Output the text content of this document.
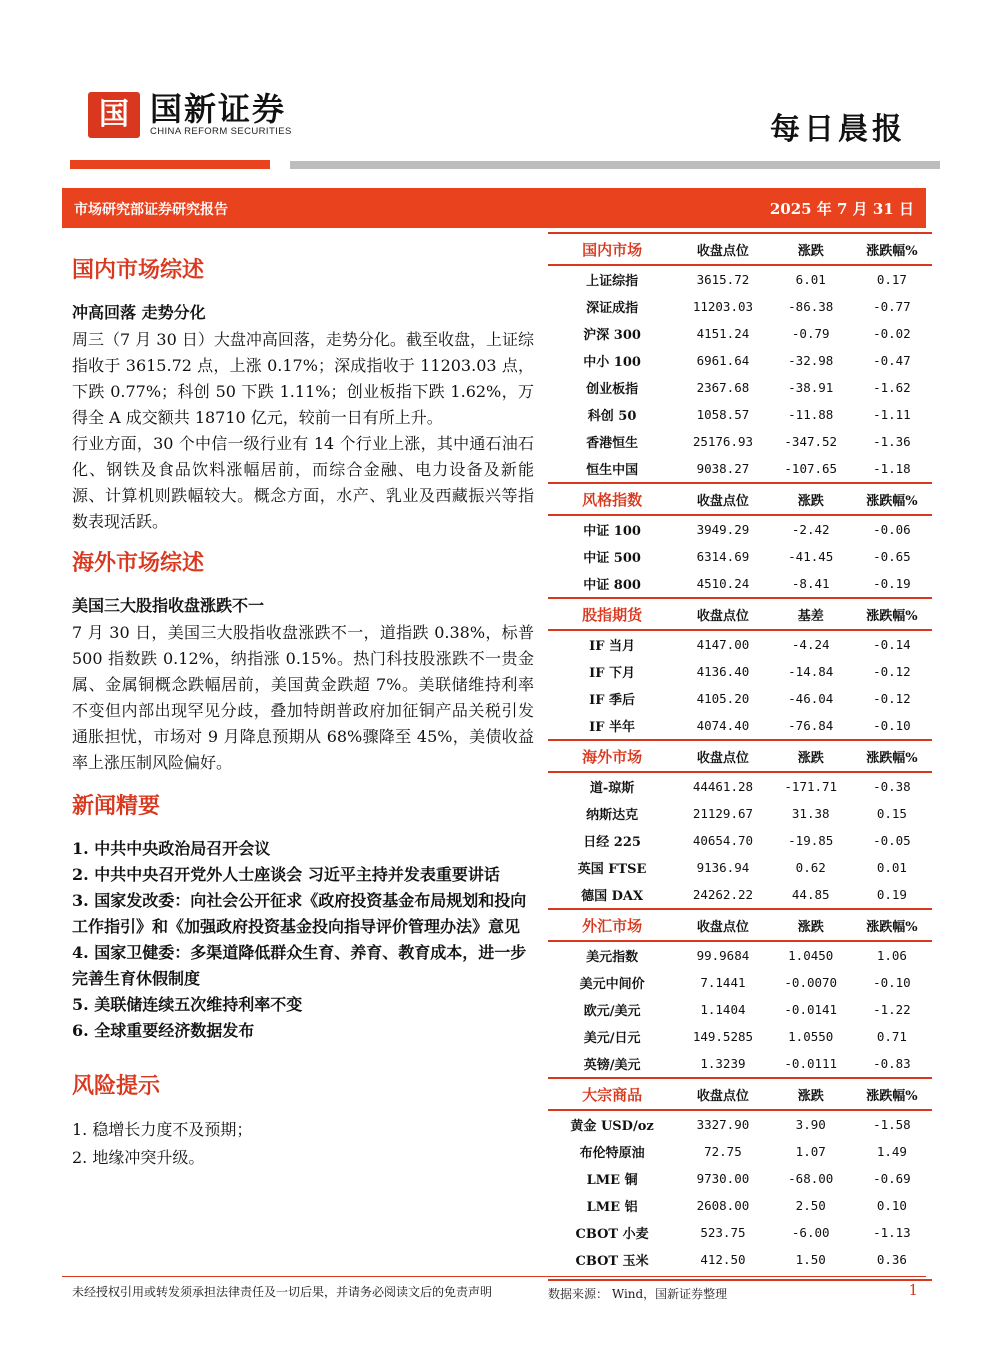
国 国新证券
CHINA REFORM SECURITIES	每日晨报
市场研究部证券研究报告	2025 年 7 月 31 日
国内市场综述
冲高回落 走势分化
周三（7 月 30 日）大盘冲高回落，走势分化。截至收盘，上证综指收于 3615.72 点，上涨 0.17%；深成指收于 11203.03 点，下跌 0.77%；科创 50 下跌 1.11%；创业板指下跌 1.62%，万得全 A 成交额共 18710 亿元，较前一日有所上升。
行业方面，30 个中信一级行业有 14 个行业上涨，其中通石油石化、钢铁及食品饮料涨幅居前，而综合金融、电力设备及新能源、计算机则跌幅较大。概念方面，水产、乳业及西藏振兴等指数表现活跃。
海外市场综述
美国三大股指收盘涨跌不一
7 月 30 日，美国三大股指收盘涨跌不一，道指跌 0.38%，标普 500 指数跌 0.12%，纳指涨 0.15%。热门科技股涨跌不一贵金属、金属铜概念跌幅居前，美国黄金跌超 7%。美联储维持利率不变但内部出现罕见分歧，叠加特朗普政府加征铜产品关税引发通胀担忧，市场对 9 月降息预期从 68%骤降至 45%，美债收益率上涨压制风险偏好。
新闻精要
1. 中共中央政治局召开会议
2. 中共中央召开党外人士座谈会 习近平主持并发表重要讲话
3. 国家发改委：向社会公开征求《政府投资基金布局规划和投向工作指引》和《加强政府投资基金投向指导评价管理办法》意见
4. 国家卫健委：多渠道降低群众生育、养育、教育成本，进一步完善生育休假制度
5. 美联储连续五次维持利率不变
6. 全球重要经济数据发布
风险提示
1. 稳增长力度不及预期；
2. 地缘冲突升级。
国内市场	收盘点位	涨跌	涨跌幅%
上证综指	3615.72	6.01	0.17
深证成指	11203.03	-86.38	-0.77
沪深 300	4151.24	-0.79	-0.02
中小 100	6961.64	-32.98	-0.47
创业板指	2367.68	-38.91	-1.62
科创 50	1058.57	-11.88	-1.11
香港恒生	25176.93	-347.52	-1.36
恒生中国	9038.27	-107.65	-1.18
风格指数	收盘点位	涨跌	涨跌幅%
中证 100	3949.29	-2.42	-0.06
中证 500	6314.69	-41.45	-0.65
中证 800	4510.24	-8.41	-0.19
股指期货	收盘点位	基差	涨跌幅%
IF 当月	4147.00	-4.24	-0.14
IF 下月	4136.40	-14.84	-0.12
IF 季后	4105.20	-46.04	-0.12
IF 半年	4074.40	-76.84	-0.10
海外市场	收盘点位	涨跌	涨跌幅%
道-琼斯	44461.28	-171.71	-0.38
纳斯达克	21129.67	31.38	0.15
日经 225	40654.70	-19.85	-0.05
英国 FTSE	9136.94	0.62	0.01
德国 DAX	24262.22	44.85	0.19
外汇市场	收盘点位	涨跌	涨跌幅%
美元指数	99.9684	1.0450	1.06
美元中间价	7.1441	-0.0070	-0.10
欧元/美元	1.1404	-0.0141	-1.22
美元/日元	149.5285	1.0550	0.71
英镑/美元	1.3239	-0.0111	-0.83
大宗商品	收盘点位	涨跌	涨跌幅%
黄金 USD/oz	3327.90	3.90	-1.58
布伦特原油	72.75	1.07	1.49
LME 铜	9730.00	-68.00	-0.69
LME 铝	2608.00	2.50	0.10
CBOT 小麦	523.75	-6.00	-1.13
CBOT 玉米	412.50	1.50	0.36
数据来源： Wind，国新证券整理
未经授权引用或转发须承担法律责任及一切后果，并请务必阅读文后的免责声明	1
